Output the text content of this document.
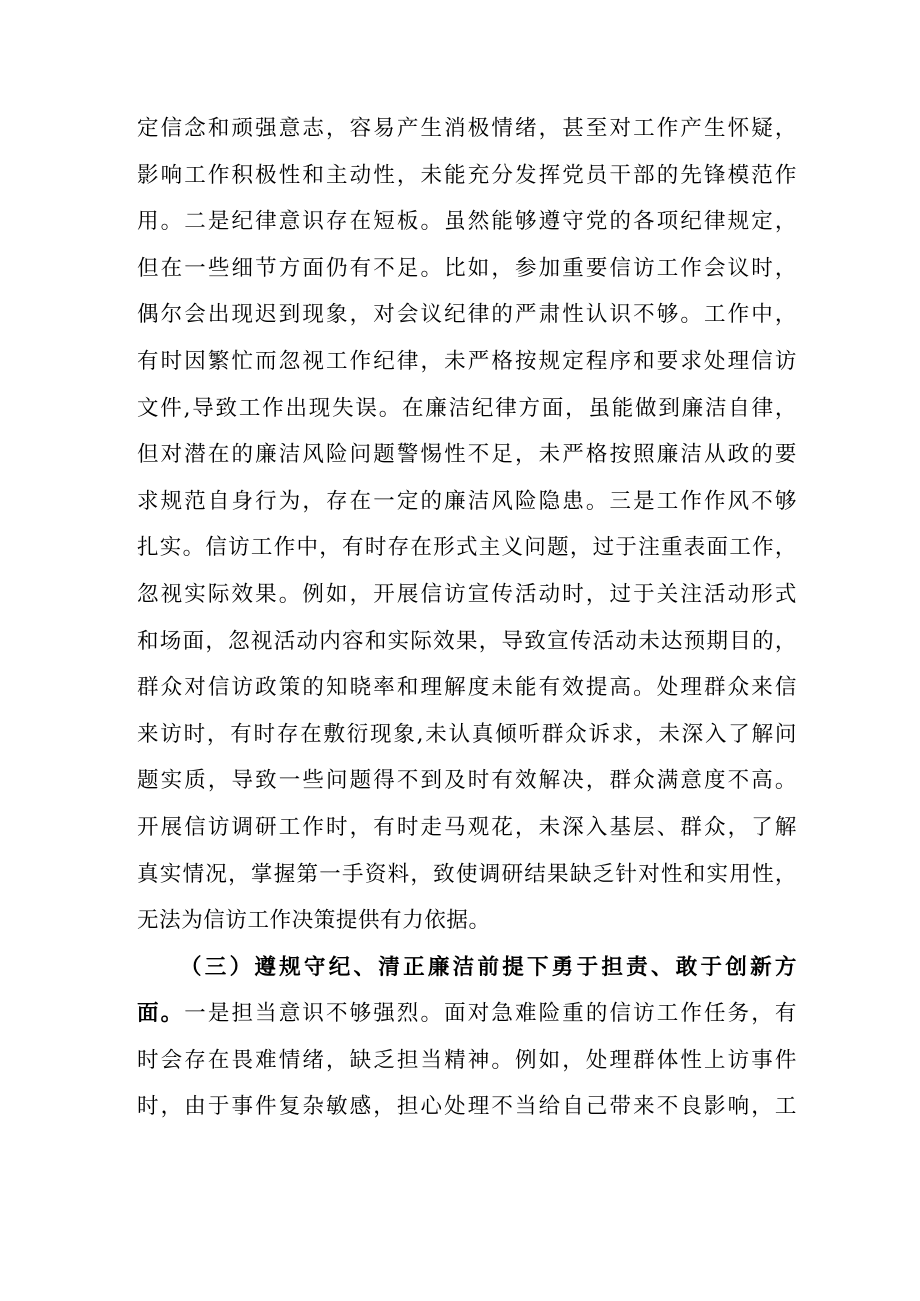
定信念和顽强意志，容易产生消极情绪，甚至对工作产生怀疑，
影响工作积极性和主动性，未能充分发挥党员干部的先锋模范作
用。二是纪律意识存在短板。虽然能够遵守党的各项纪律规定，
但在一些细节方面仍有不足。比如，参加重要信访工作会议时，
偶尔会出现迟到现象，对会议纪律的严肃性认识不够。工作中，
有时因繁忙而忽视工作纪律，未严格按规定程序和要求处理信访
文件,导致工作出现失误。在廉洁纪律方面，虽能做到廉洁自律，
但对潜在的廉洁风险问题警惕性不足，未严格按照廉洁从政的要
求规范自身行为，存在一定的廉洁风险隐患。三是工作作风不够
扎实。信访工作中，有时存在形式主义问题，过于注重表面工作，
忽视实际效果。例如，开展信访宣传活动时，过于关注活动形式
和场面，忽视活动内容和实际效果，导致宣传活动未达预期目的，
群众对信访政策的知晓率和理解度未能有效提高。处理群众来信
来访时，有时存在敷衍现象,未认真倾听群众诉求，未深入了解问
题实质，导致一些问题得不到及时有效解决，群众满意度不高。
开展信访调研工作时，有时走马观花，未深入基层、群众，了解
真实情况，掌握第一手资料，致使调研结果缺乏针对性和实用性，
无法为信访工作决策提供有力依据。
（三）遵规守纪、清正廉洁前提下勇于担责、敢于创新方
面。一是担当意识不够强烈。面对急难险重的信访工作任务，有
时会存在畏难情绪，缺乏担当精神。例如，处理群体性上访事件
时，由于事件复杂敏感，担心处理不当给自己带来不良影响，工
